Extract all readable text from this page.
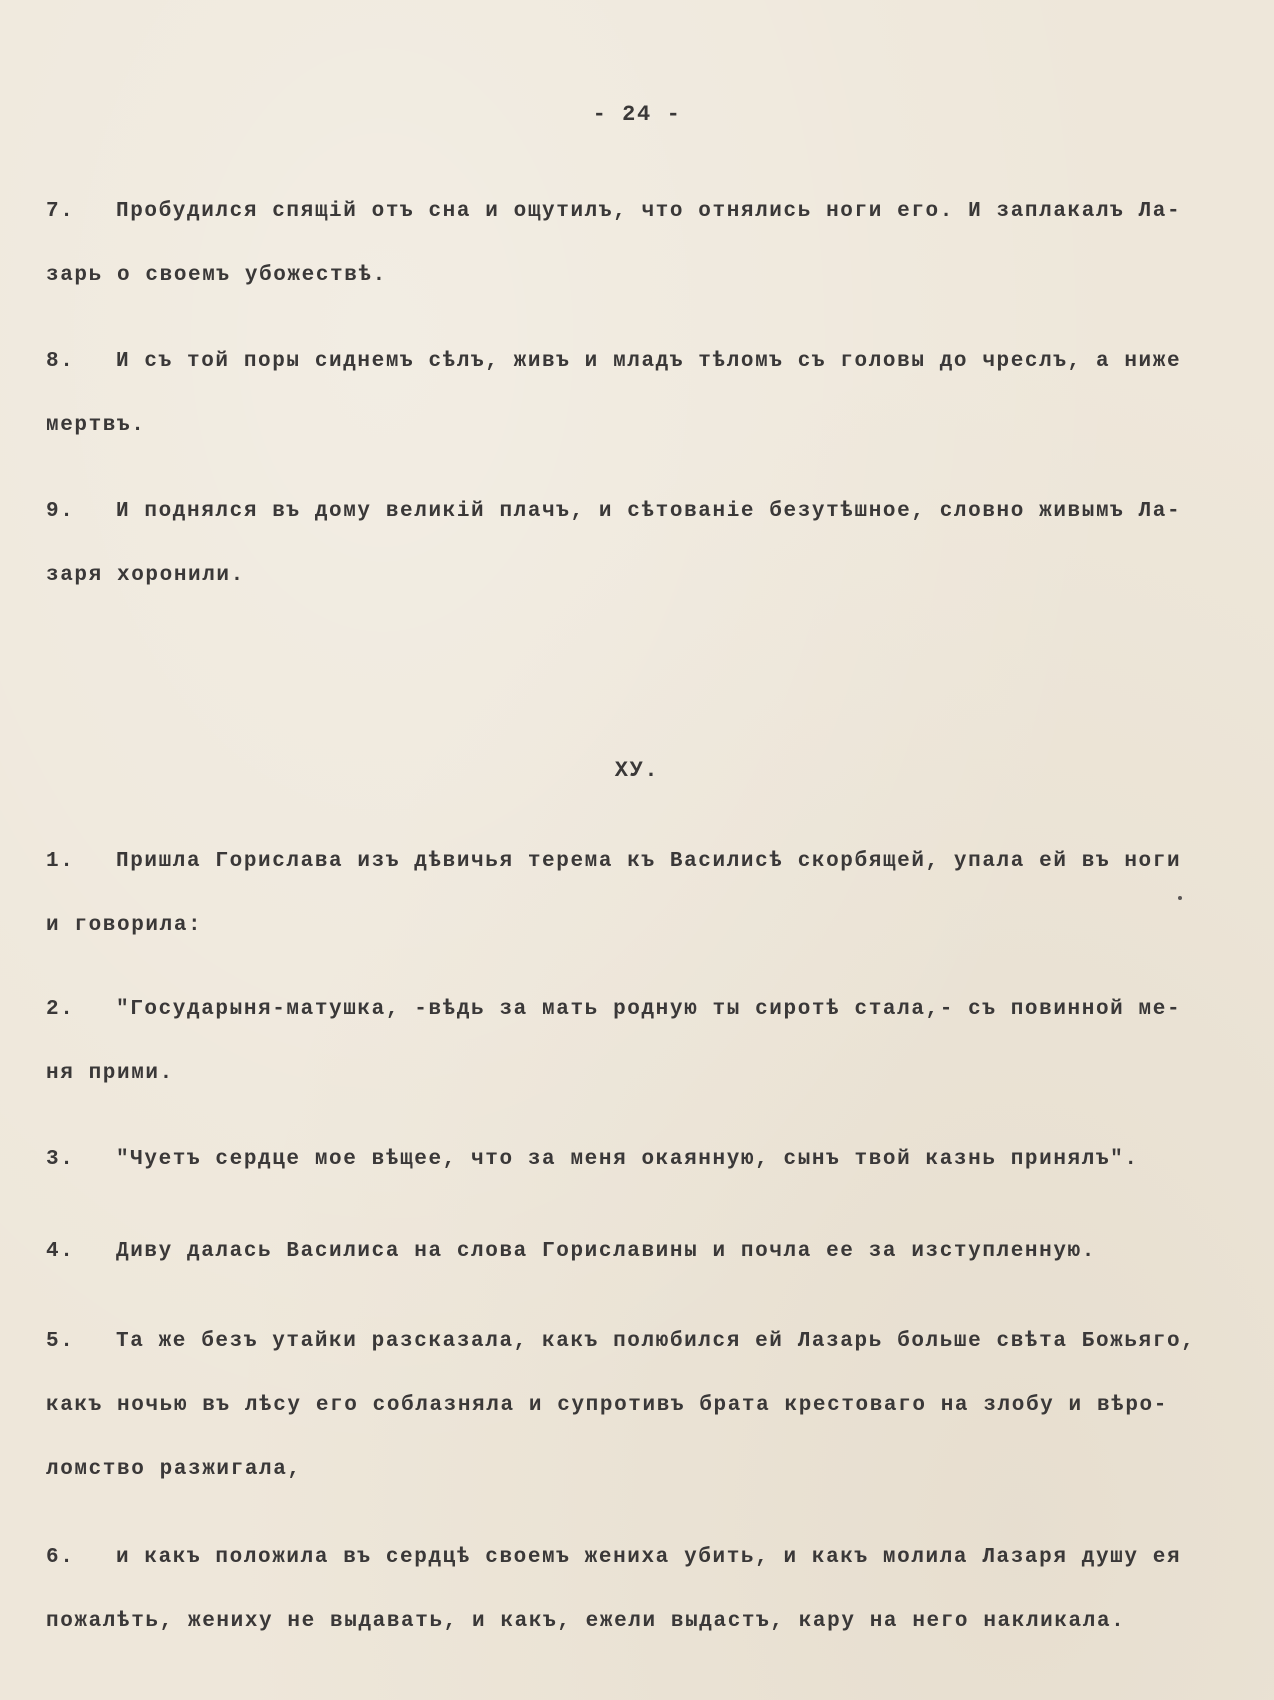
- 24 -
7. Пробудился спящій отъ сна и ощутилъ, что отнялись ноги его. И заплакалъ Ла-
зарь о своемъ убожествѣ.
8. И съ той поры сиднемъ сѣлъ, живъ и младъ тѣломъ съ головы до чреслъ, а ниже
мертвъ.
9. И поднялся въ дому великій плачъ, и сѣтованіе безутѣшное, словно живымъ Ла-
заря хоронили.
ХУ.
1. Пришла Горислава изъ дѣвичья терема къ Василисѣ скорбящей, упала ей въ ноги
и говорила:
2. "Государыня-матушка, -вѣдь за мать родную ты сиротѣ стала,- съ повинной ме-
ня прими.
3. "Чуетъ сердце мое вѣщее, что за меня окаянную, сынъ твой казнь принялъ".
4. Диву далась Василиса на слова Гориславины и почла ее за изступленную.
5. Та же безъ утайки разсказала, какъ полюбился ей Лазарь больше свѣта Божьяго,
какъ ночью въ лѣсу его соблазняла и супротивъ брата крестоваго на злобу и вѣро-
ломство разжигала,
6. и какъ положила въ сердцѣ своемъ жениха убить, и какъ молила Лазаря душу ея
пожалѣть, жениху не выдавать, и какъ, ежели выдастъ, кару на него накликала.
